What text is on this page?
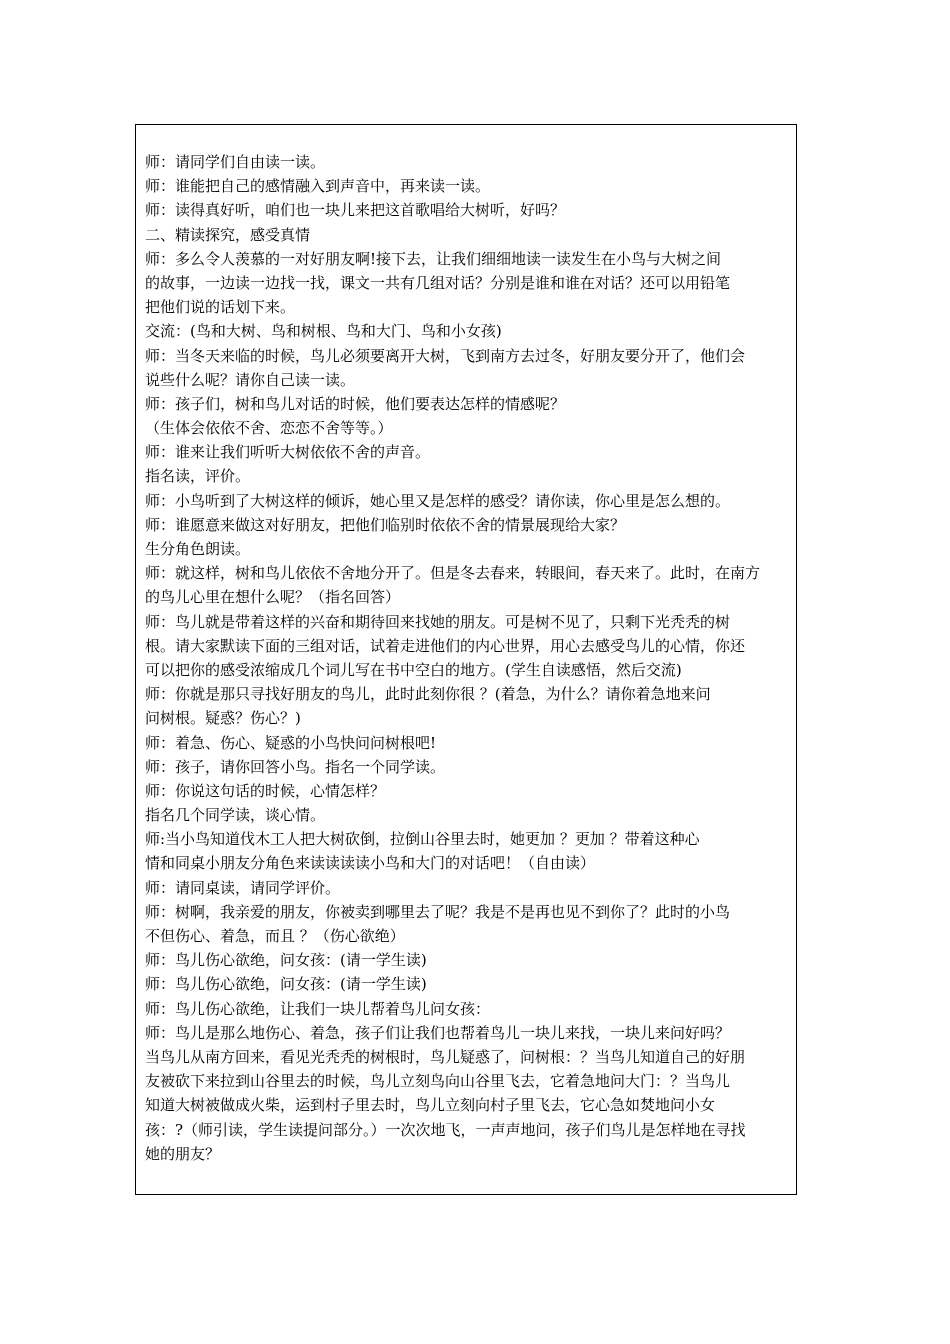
师：请同学们自由读一读。
师：谁能把自己的感情融入到声音中，再来读一读。
师：读得真好听，咱们也一块儿来把这首歌唱给大树听，好吗？
二、精读探究，感受真情
师：多么令人羡慕的一对好朋友啊!接下去，让我们细细地读一读发生在小鸟与大树之间
的故事，一边读一边找一找，课文一共有几组对话？分别是谁和谁在对话？还可以用铅笔
把他们说的话划下来。
交流：(鸟和大树、鸟和树根、鸟和大门、鸟和小女孩)
师：当冬天来临的时候，鸟儿必须要离开大树，飞到南方去过冬，好朋友要分开了，他们会
说些什么呢？请你自己读一读。
师：孩子们，树和鸟儿对话的时候，他们要表达怎样的情感呢？
（生体会依依不舍、恋恋不舍等等。）
师：谁来让我们听听大树依依不舍的声音。
指名读，评价。
师：小鸟听到了大树这样的倾诉，她心里又是怎样的感受？请你读，你心里是怎么想的。
师：谁愿意来做这对好朋友，把他们临别时依依不舍的情景展现给大家？
生分角色朗读。
师：就这样，树和鸟儿依依不舍地分开了。但是冬去春来，转眼间，春天来了。此时，在南方
的鸟儿心里在想什么呢？（指名回答）
师：鸟儿就是带着这样的兴奋和期待回来找她的朋友。可是树不见了，只剩下光秃秃的树
根。请大家默读下面的三组对话，试着走进他们的内心世界，用心去感受鸟儿的心情，你还
可以把你的感受浓缩成几个词儿写在书中空白的地方。(学生自读感悟，然后交流)
师：你就是那只寻找好朋友的鸟儿，此时此刻你很 ？(着急，为什么？请你着急地来问
问树根。疑惑？伤心？)
师：着急、伤心、疑惑的小鸟快问问树根吧!
师：孩子，请你回答小鸟。指名一个同学读。
师：你说这句话的时候，心情怎样？
指名几个同学读，谈心情。
师:当小鸟知道伐木工人把大树砍倒，拉倒山谷里去时，她更加 ？更加 ？带着这种心
情和同桌小朋友分角色来读读读读小鸟和大门的对话吧！（自由读）
师：请同桌读，请同学评价。
师：树啊，我亲爱的朋友，你被卖到哪里去了呢？我是不是再也见不到你了？此时的小鸟
不但伤心、着急，而且 ？（伤心欲绝）
师：鸟儿伤心欲绝，问女孩：(请一学生读)
师：鸟儿伤心欲绝，问女孩：(请一学生读)
师：鸟儿伤心欲绝，让我们一块儿帮着鸟儿问女孩：
师：鸟儿是那么地伤心、着急，孩子们让我们也帮着鸟儿一块儿来找，一块儿来问好吗？
当鸟儿从南方回来，看见光秃秃的树根时，鸟儿疑惑了，问树根：？当鸟儿知道自己的好朋
友被砍下来拉到山谷里去的时候，鸟儿立刻鸟向山谷里飞去，它着急地问大门：？当鸟儿
知道大树被做成火柴，运到村子里去时，鸟儿立刻向村子里飞去，它心急如焚地问小女
孩：?（师引读，学生读提问部分。）一次次地飞，一声声地问，孩子们鸟儿是怎样地在寻找
她的朋友？
